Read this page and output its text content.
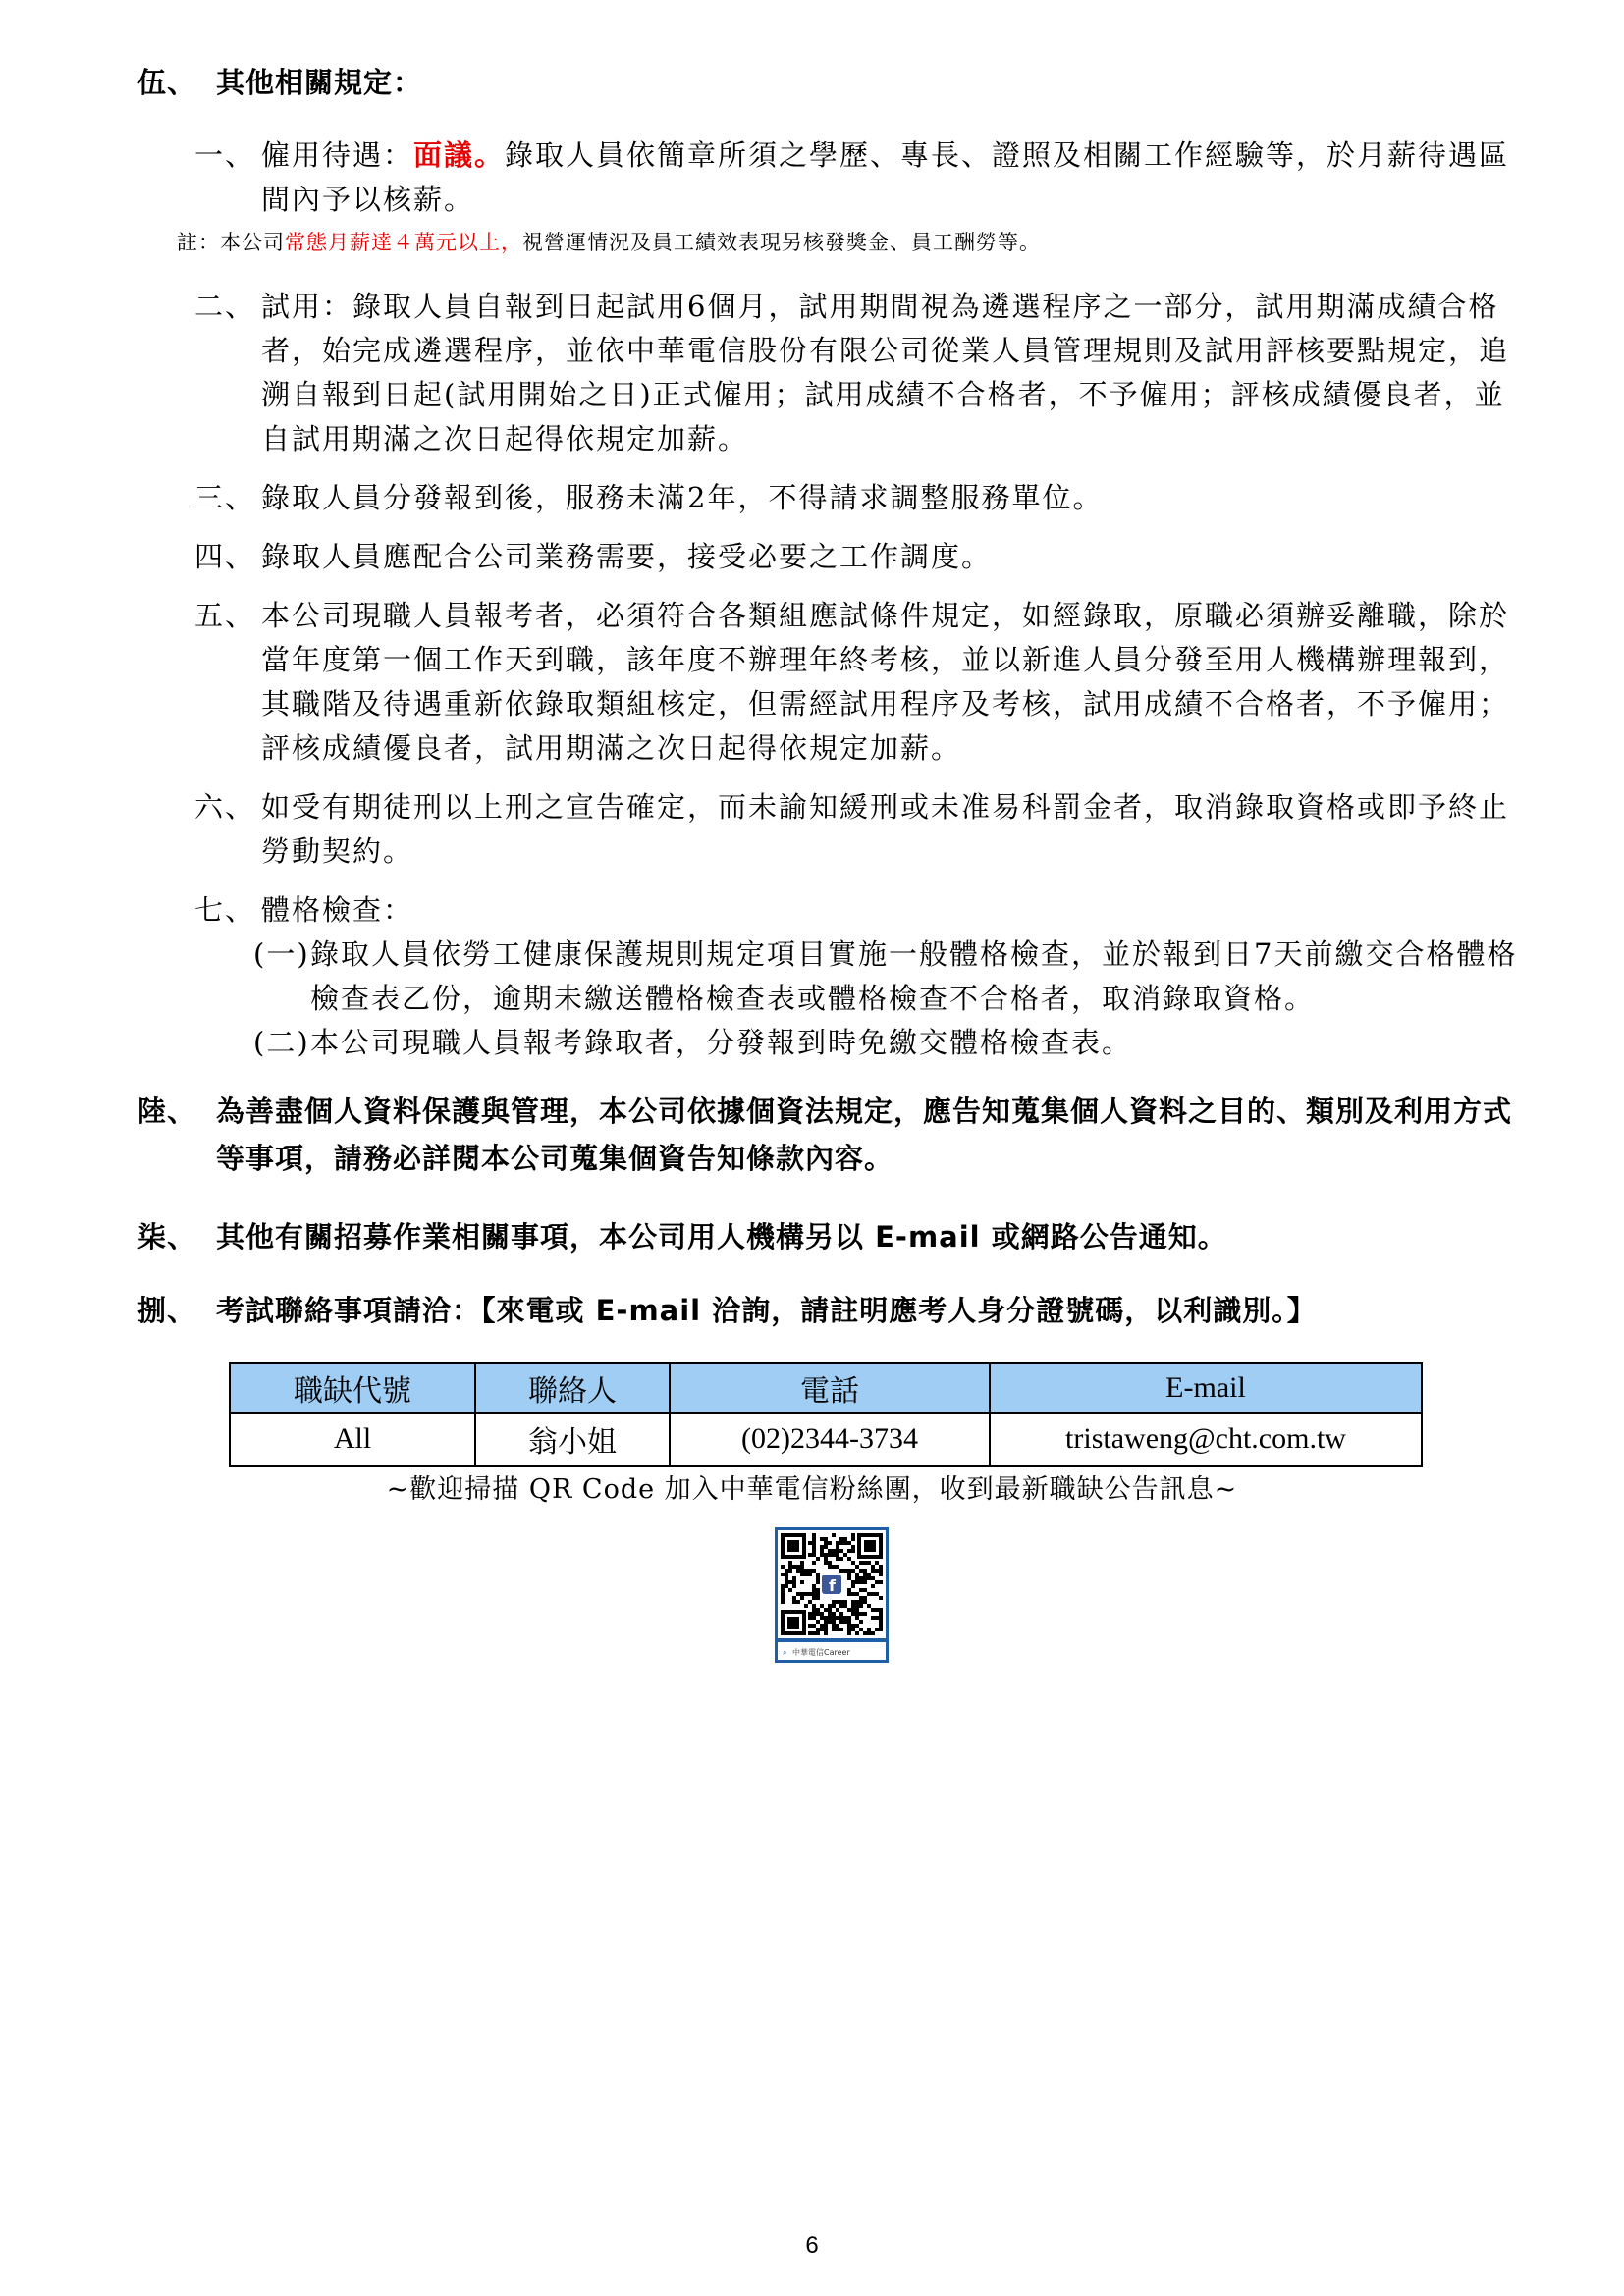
伍、 其他相關規定：
一、 僱用待遇：面議。錄取人員依簡章所須之學歷、專長、證照及相關工作經驗等，於月薪待遇區間內予以核薪。
註：本公司常態月薪達４萬元以上，視營運情況及員工績效表現另核發獎金、員工酬勞等。
二、 試用：錄取人員自報到日起試用6個月，試用期間視為遴選程序之一部分，試用期滿成績合格者，始完成遴選程序，並依中華電信股份有限公司從業人員管理規則及試用評核要點規定，追溯自報到日起(試用開始之日)正式僱用；試用成績不合格者，不予僱用；評核成績優良者，並自試用期滿之次日起得依規定加薪。
三、 錄取人員分發報到後，服務未滿2年，不得請求調整服務單位。
四、 錄取人員應配合公司業務需要，接受必要之工作調度。
五、 本公司現職人員報考者，必須符合各類組應試條件規定，如經錄取，原職必須辦妥離職，除於當年度第一個工作天到職，該年度不辦理年終考核，並以新進人員分發至用人機構辦理報到，其職階及待遇重新依錄取類組核定，但需經試用程序及考核，試用成績不合格者，不予僱用；評核成績優良者，試用期滿之次日起得依規定加薪。
六、 如受有期徒刑以上刑之宣告確定，而未諭知緩刑或未准易科罰金者，取消錄取資格或即予終止勞動契約。
七、 體格檢查：
(一) 錄取人員依勞工健康保護規則規定項目實施一般體格檢查，並於報到日7天前繳交合格體格檢查表乙份，逾期未繳送體格檢查表或體格檢查不合格者，取消錄取資格。
(二) 本公司現職人員報考錄取者，分發報到時免繳交體格檢查表。
陸、 為善盡個人資料保護與管理，本公司依據個資法規定，應告知蒐集個人資料之目的、類別及利用方式等事項，請務必詳閱本公司蒐集個資告知條款內容。
柒、 其他有關招募作業相關事項，本公司用人機構另以 E-mail 或網路公告通知。
捌、 考試聯絡事項請洽：【來電或 E-mail 洽詢，請註明應考人身分證號碼，以利識別。】
職缺代號	聯絡人	電話	E-mail
All	翁小姐	(02)2344-3734	tristaweng@cht.com.tw
~歡迎掃描 QR Code 加入中華電信粉絲團，收到最新職缺公告訊息~
f
⌕ 中華電信Career
6
